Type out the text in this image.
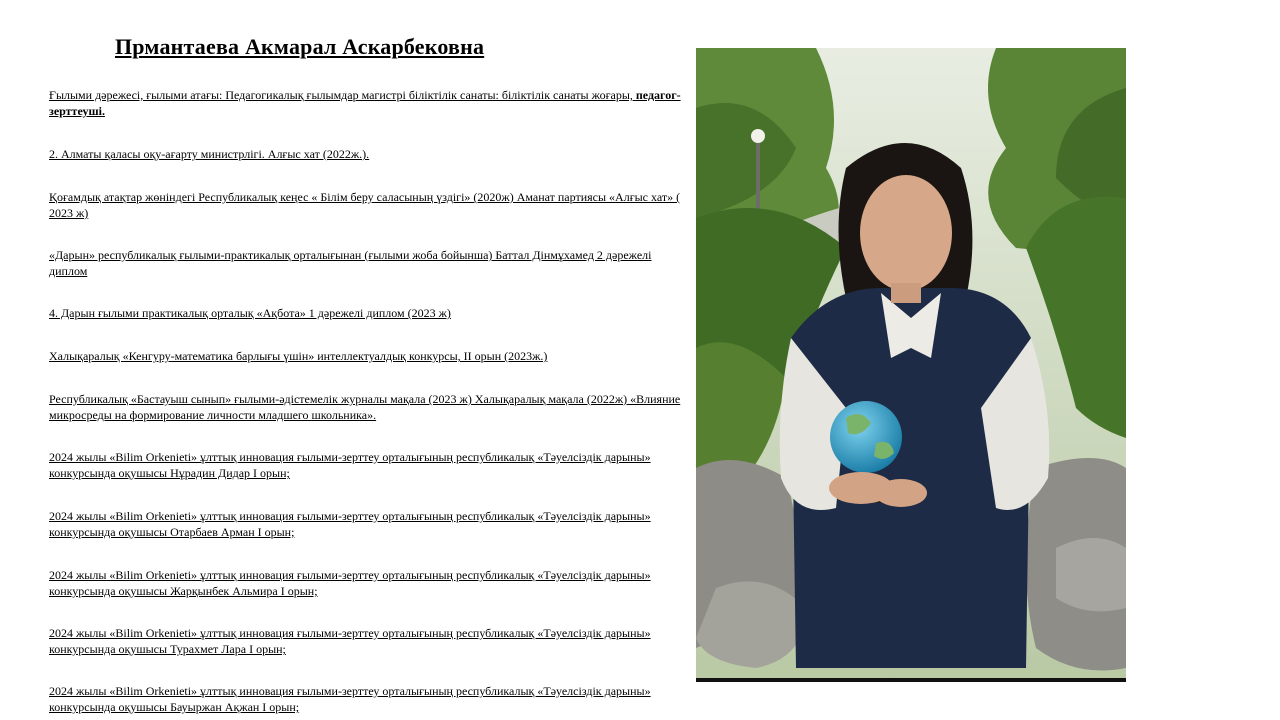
Прмантаева Акмарал Аскарбековна

Ғылыми дәрежесі, ғылыми атағы: Педагогикалық ғылымдар магистрі біліктілік санаты: біліктілік санаты жоғары, педагог-зерттеуші.

2. Алматы қаласы оқу-ағарту министрлігі. Алғыс хат (2022ж.).

Қоғамдық атақтар жөніндегі Республикалық кеңес « Білім беру саласының үздігі» (2020ж) Аманат партиясы «Алғыс хат» ( 2023 ж)

«Дарын» республикалық ғылыми-практикалық орталығынан (ғылыми жоба бойынша) Баттал Дінмұхамед 2 дәрежелі диплом

4. Дарын ғылыми практикалық орталық «Ақбота» 1 дәрежелі диплом (2023 ж)

Халықаралық «Кенгуру-математика барлығы үшін» интеллектуалдық конкурсы, ІІ орын (2023ж.)

Республикалық «Бастауыш сынып» ғылыми-әдістемелік журналы мақала (2023 ж) Халықаралық мақала (2022ж) «Влияние микросреды на формирование личности младшего школьника».

2024 жылы «Bilim Orkenieti» ұлттық инновация ғылыми-зерттеу орталығының республикалық «Тәуелсіздік дарыны» конкурсында оқушысы Нұрадин Дидар І орын;

2024 жылы «Bilim Orkenieti» ұлттық инновация ғылыми-зерттеу орталығының республикалық «Тәуелсіздік дарыны» конкурсында оқушысы Отарбаев Арман І орын;

2024 жылы «Bilim Orkenieti» ұлттық инновация ғылыми-зерттеу орталығының республикалық «Тәуелсіздік дарыны» конкурсында оқушысы Жарқынбек Альмира І орын;

2024 жылы «Bilim Orkenieti» ұлттық инновация ғылыми-зерттеу орталығының республикалық «Тәуелсіздік дарыны» конкурсында оқушысы Турахмет Лара І орын;

2024 жылы «Bilim Orkenieti» ұлттық инновация ғылыми-зерттеу орталығының республикалық «Тәуелсіздік дарыны» конкурсында оқушысы Бауыржан Ақжан І орын;
